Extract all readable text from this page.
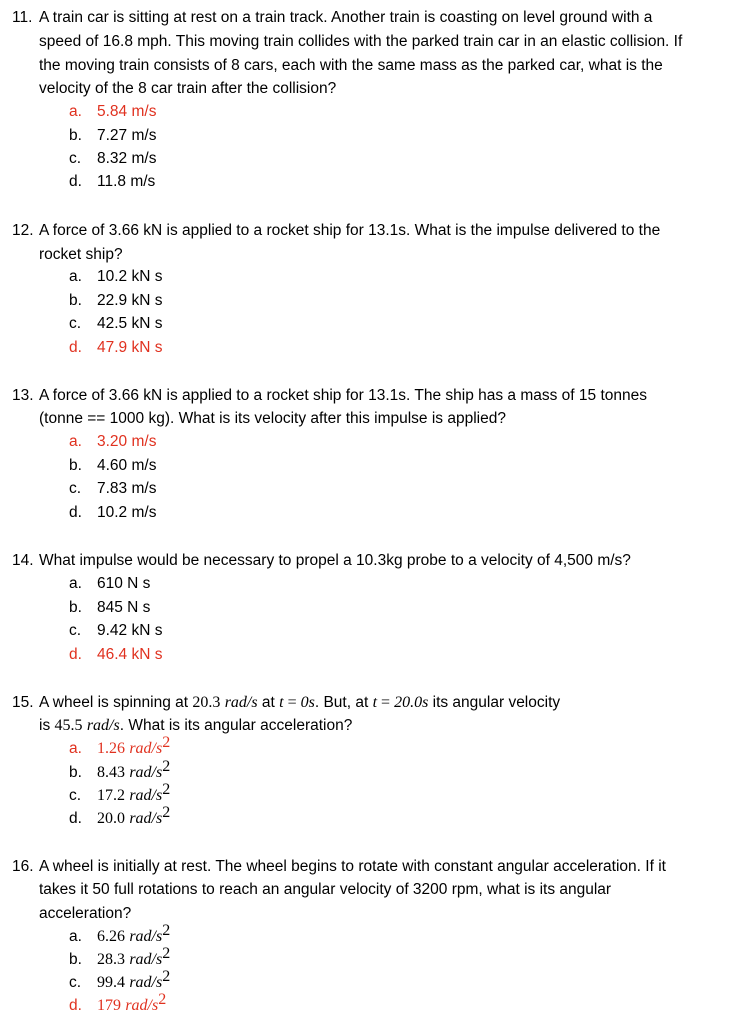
11. A train car is sitting at rest on a train track. Another train is coasting on level ground with a
speed of 16.8 mph. This moving train collides with the parked train car in an elastic collision. If
the moving train consists of 8 cars, each with the same mass as the parked car, what is the
velocity of the 8 car train after the collision?
a. 5.84 m/s
b. 7.27 m/s
c. 8.32 m/s
d. 11.8 m/s
12. A force of 3.66 kN is applied to a rocket ship for 13.1s. What is the impulse delivered to the
rocket ship?
a. 10.2 kN s
b. 22.9 kN s
c. 42.5 kN s
d. 47.9 kN s
13. A force of 3.66 kN is applied to a rocket ship for 13.1s. The ship has a mass of 15 tonnes
(tonne == 1000 kg). What is its velocity after this impulse is applied?
a. 3.20 m/s
b. 4.60 m/s
c. 7.83 m/s
d. 10.2 m/s
14. What impulse would be necessary to propel a 10.3kg probe to a velocity of 4,500 m/s?
a. 610 N s
b. 845 N s
c. 9.42 kN s
d. 46.4 kN s
15. A wheel is spinning at 20.3 rad/s at t = 0s. But, at t = 20.0s its angular velocity
is 45.5 rad/s. What is its angular acceleration?
a. 1.26 rad/$s^2$
b. 8.43 rad/$s^2$
c. 17.2 rad/$s^2$
d. 20.0 rad/$s^2$
16. A wheel is initially at rest. The wheel begins to rotate with constant angular acceleration. If it
takes it 50 full rotations to reach an angular velocity of 3200 rpm, what is its angular
acceleration?
a. 6.26 rad/$s^2$
b. 28.3 rad/$s^2$
c. 99.4 rad/$s^2$
d. 179 rad/$s^2$
